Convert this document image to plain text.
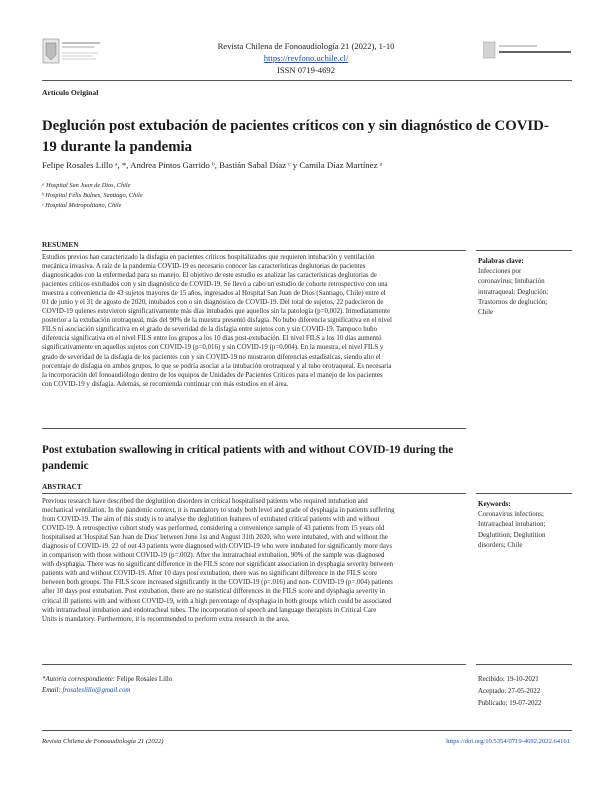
Revista Chilena de Fonoaudiología 21 (2022), 1-10
https://revfono.uchile.cl/
ISSN 0719-4692
Artículo Original
Deglución post extubación de pacientes críticos con y sin diagnóstico de COVID-19 durante la pandemia
Felipe Rosales Lillo ᵃ, *, Andrea Pintos Garrido ᵇ, Bastián Sabal Díaz ᶜ y Camila Díaz Martínez ᵃ
ᵃ Hospital San Juan de Dios, Chile
ᵇ Hospital Félix Bulnes, Santiago, Chile
ᶜ Hospital Metropolitano, Chile
RESUMEN
Estudios previos han caracterizado la disfagia en pacientes críticos hospitalizados que requieren intubación y ventilación
mecánica invasiva. A raíz de la pandemia COVID-19 es necesario conocer las características deglutorias de pacientes
diagnosticados con la enfermedad para su manejo. El objetivo de este estudio es analizar las características deglutorias de
pacientes críticos extubados con y sin diagnóstico de COVID-19. Se llevó a cabo un estudio de cohorte retrospectivo con una
muestra a conveniencia de 43 sujetos mayores de 15 años, ingresados al Hospital San Juan de Dios (Santiago, Chile) entre el
01 de junio y el 31 de agosto de 2020, intubados con o sin diagnóstico de COVID-19. Del total de sujetos, 22 padecieron de
COVID-19 quienes estuvieron significativamente más días intubados que aquellos sin la patología (p=0,002). Inmediatamente
posterior a la extubación orotraqueal, más del 90% de la muestra presentó disfagia. No hubo diferencia significativa en el nivel
FILS ni asociación significativa en el grado de severidad de la disfagia entre sujetos con y sin COVID-19. Tampoco hubo
diferencia significativa en el nivel FILS entre los grupos a los 10 días post-extubación. El nivel FILS a los 10 días aumentó
significativamente en aquellos sujetos con COVID-19 (p=0,016) y sin COVID-19 (p=0,004). En la muestra, el nivel FILS y
grado de severidad de la disfagia de los pacientes con y sin COVID-19 no mostraron diferencias estadísticas, siendo alto el
porcentaje de disfagia en ambos grupos, lo que se podría asociar a la intubación orotraqueal y al tubo orotraqueal. Es necesaria
la incorporación del fonoaudiólogo dentro de los equipos de Unidades de Pacientes Críticos para el manejo de los pacientes
con COVID-19 y disfagia. Además, se recomienda continuar con más estudios en el área.
Palabras clave:
Infecciones por
coronavirus; Intubación
intratraqueal; Deglución;
Trastornos de deglución;
Chile
Post extubation swallowing in critical patients with and without COVID-19 during the pandemic
ABSTRACT
Previous research have described the deglutition disorders in critical hospitalised patients who required intubation and
mechanical ventilation. In the pandemic context, it is mandatory to study both level and grade of dysphagia in patients suffering
from COVID-19. The aim of this study is to analyse the deglutition features of extubated critical patients with and without
COVID-19. A retrospective cohort study was performed, considering a convenience sample of 43 patients from 15 years old
hospitalised at 'Hospital San Juan de Dios' between June 1st and August 31th 2020, who were intubated, with and without the
diagnosis of COVID-19. 22 of out 43 patients were diagnosed with COVID-19 who were intubated for significantly more days
in comparison with those without COVID-19 (p=.002). After the intratracheal extubation, 90% of the sample was diagnosed
with dysphagia. There was no significant difference in the FILS score nor significant association in dysphagia severity between
patients with and without COVID-19. After 10 days post extubation, there was no significant difference in the FILS score
between both groups. The FILS score increased significantly in the COVID-19 (p=.016) and non- COVID-19 (p=.004) patients
after 10 days post extubation. Post extubation, there are no statistical differences in the FILS score and dysphagia severity in
critical ill patients with and without COVID-19, with a high percentage of dysphagia in both groups which could be associated
with intratracheal intubation and endotracheal tubes. The incorporation of speech and language therapists in Critical Care
Units is mandatory. Furthermore, it is recommended to perform extra research in the area.
Keywords:
Coronavirus infections;
Intratracheal intubation;
Deglutition; Deglutition
disorders; Chile
*Autor/a correspondiente: Felipe Rosales Lillo
Email: frosaleslillo@gmail.com
Recibido: 19-10-2021
Aceptado: 27-05-2022
Publicado: 19-07-2022
Revista Chilena de Fonoaudiología 21 (2022)	https://doi.org/10.5354/0719-4692.2022.64161
